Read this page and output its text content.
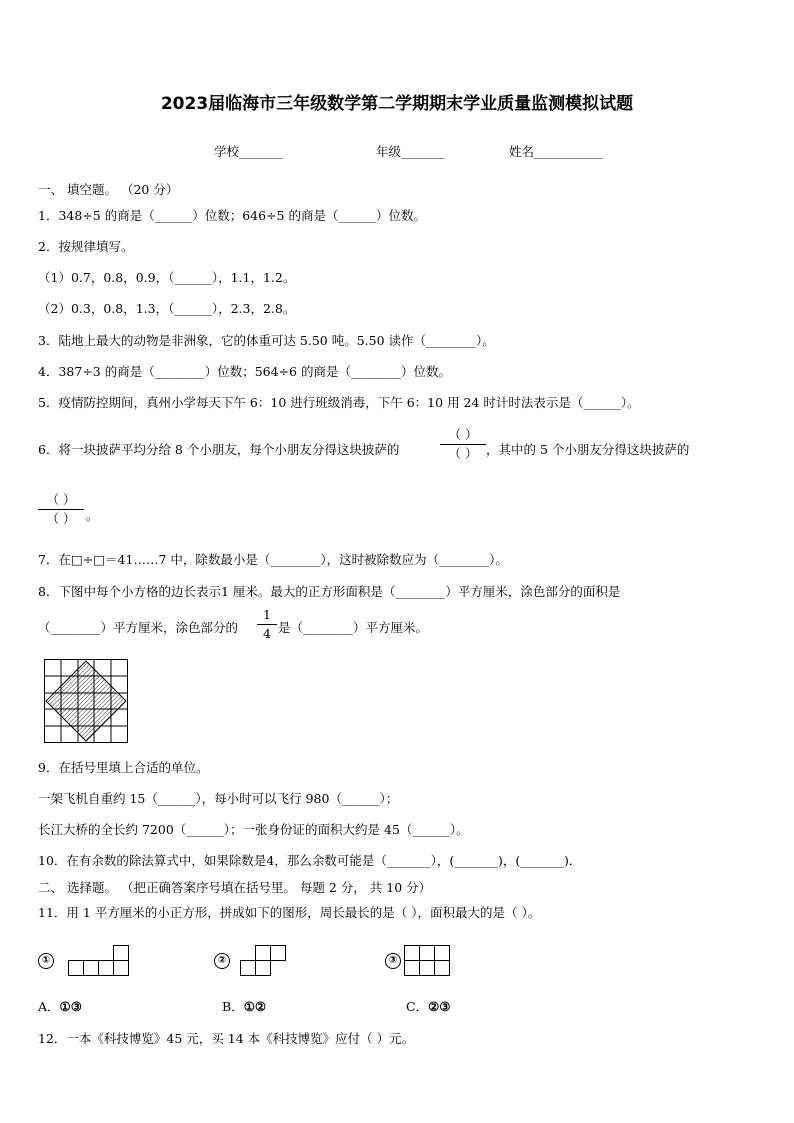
2023届临海市三年级数学第二学期期末学业质量监测模拟试题
学校_______	年级_______	姓名___________
一、 填空题。 （20 分）
1．348÷5 的商是（______）位数；646÷5 的商是（______）位数。
2．按规律填写。
（1）0.7，0.8，0.9，（______），1.1，1.2。
（2）0.3，0.8，1.3，（______），2.3，2.8。
3．陆地上最大的动物是非洲象，它的体重可达 5.50 吨。5.50 读作（________）。
4．387÷3 的商是（________）位数；564÷6 的商是（________）位数。
5．疫情防控期间，真州小学每天下午 6：10 进行班级消毒，下午 6：10 用 24 时计时法表示是（______）。
6．将一块披萨平均分给 8 个小朋友，每个小朋友分得这块披萨的
（ ）
（ ） ，其中的 5 个小朋友分得这块披萨的
（ ）
（ ） 。
7．在□÷□＝41……7 中，除数最小是（________），这时被除数应为（________）。
8．下图中每个小方格的边长表示1 厘米。最大的正方形面积是（________）平方厘米，涂色部分的面积是
（________）平方厘米，涂色部分的
1
4 是（________）平方厘米。
9．在括号里填上合适的单位。
一架飞机自重约 15（______），每小时可以飞行 980（______）；
长江大桥的全长约 7200（______）；一张身份证的面积大约是 45（______）。
10．在有余数的除法算式中，如果除数是4，那么余数可能是（_______），(_______)，(_______)．
二、 选择题。 （把正确答案序号填在括号里。 每题 2 分， 共 10 分）
11．用 1 平方厘米的小正方形，拼成如下的图形，周长最长的是（ ），面积最大的是（ ）。
①	②	③
A．①③	B．①②	C．②③
12．一本《科技博览》45 元，买 14 本《科技博览》应付（ ）元。
